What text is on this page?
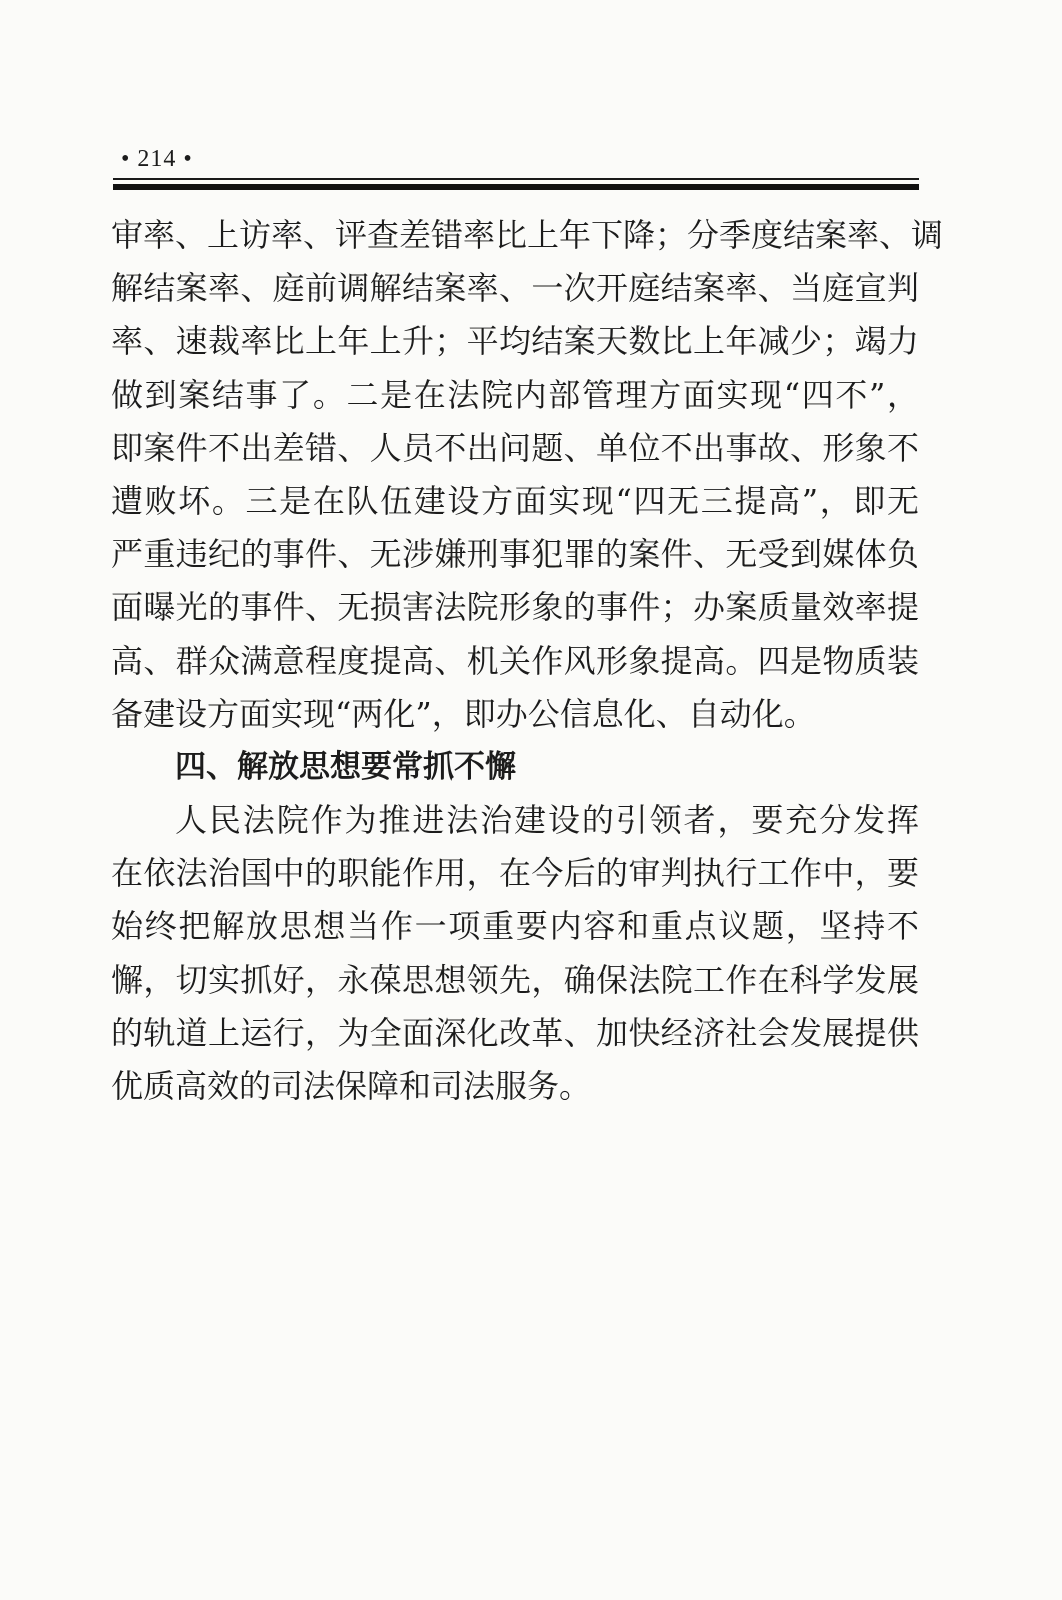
• 214 •
审率、上访率、评查差错率比上年下降；分季度结案率、调
解结案率、庭前调解结案率、一次开庭结案率、当庭宣判
率、速裁率比上年上升；平均结案天数比上年减少；竭力
做到案结事了。二是在法院内部管理方面实现“四不”，
即案件不出差错、人员不出问题、单位不出事故、形象不
遭败坏。三是在队伍建设方面实现“四无三提高”，即无
严重违纪的事件、无涉嫌刑事犯罪的案件、无受到媒体负
面曝光的事件、无损害法院形象的事件；办案质量效率提
高、群众满意程度提高、机关作风形象提高。四是物质装
备建设方面实现“两化”，即办公信息化、自动化。
四、解放思想要常抓不懈
人民法院作为推进法治建设的引领者，要充分发挥
在依法治国中的职能作用，在今后的审判执行工作中，要
始终把解放思想当作一项重要内容和重点议题，坚持不
懈，切实抓好，永葆思想领先，确保法院工作在科学发展
的轨道上运行，为全面深化改革、加快经济社会发展提供
优质高效的司法保障和司法服务。
